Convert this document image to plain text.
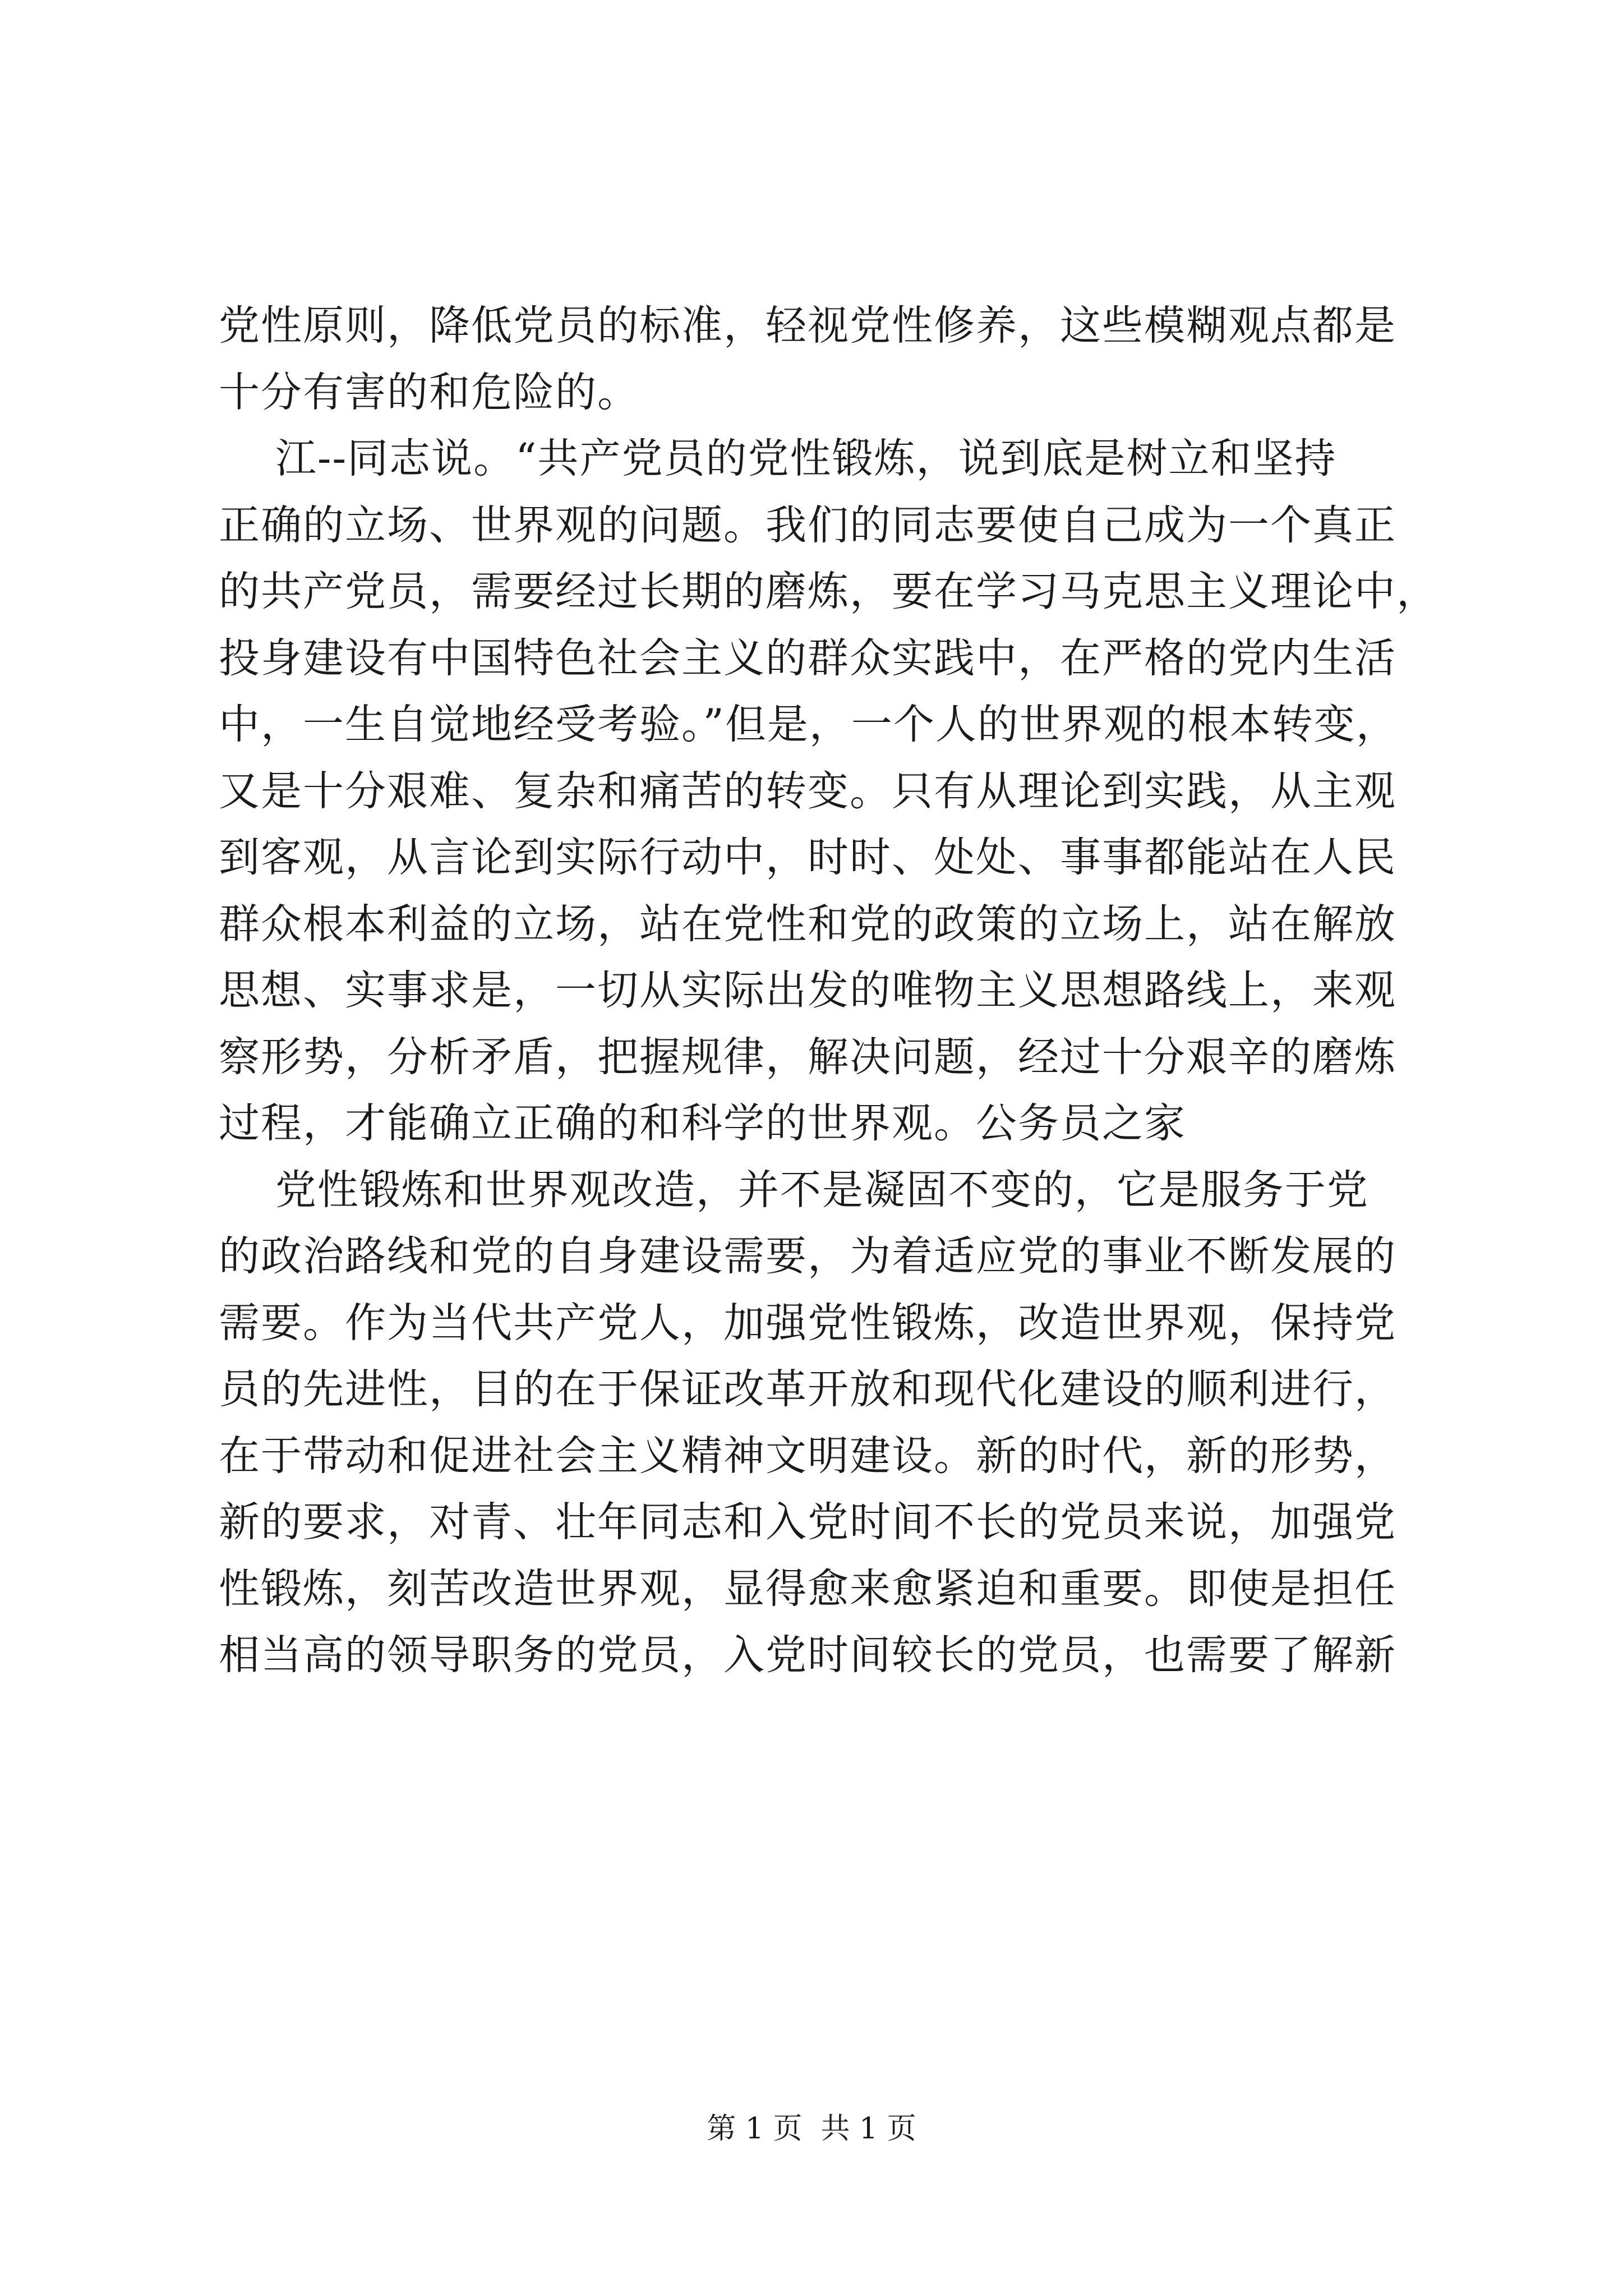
党性原则，降低党员的标准，轻视党性修养，这些模糊观点都是
十分有害的和危险的。
江--同志说。“共产党员的党性锻炼，说到底是树立和坚持
正确的立场、世界观的问题。我们的同志要使自己成为一个真正
的共产党员，需要经过长期的磨炼，要在学习马克思主义理论中，
投身建设有中国特色社会主义的群众实践中，在严格的党内生活
中，一生自觉地经受考验。”但是，一个人的世界观的根本转变，
又是十分艰难、复杂和痛苦的转变。只有从理论到实践，从主观
到客观，从言论到实际行动中，时时、处处、事事都能站在人民
群众根本利益的立场，站在党性和党的政策的立场上，站在解放
思想、实事求是，一切从实际出发的唯物主义思想路线上，来观
察形势，分析矛盾，把握规律，解决问题，经过十分艰辛的磨炼
过程，才能确立正确的和科学的世界观。公务员之家
党性锻炼和世界观改造，并不是凝固不变的，它是服务于党
的政治路线和党的自身建设需要，为着适应党的事业不断发展的
需要。作为当代共产党人，加强党性锻炼，改造世界观，保持党
员的先进性，目的在于保证改革开放和现代化建设的顺利进行，
在于带动和促进社会主义精神文明建设。新的时代，新的形势，
新的要求，对青、壮年同志和入党时间不长的党员来说，加强党
性锻炼，刻苦改造世界观，显得愈来愈紧迫和重要。即使是担任
相当高的领导职务的党员，入党时间较长的党员，也需要了解新
第 1 页  共 1 页
